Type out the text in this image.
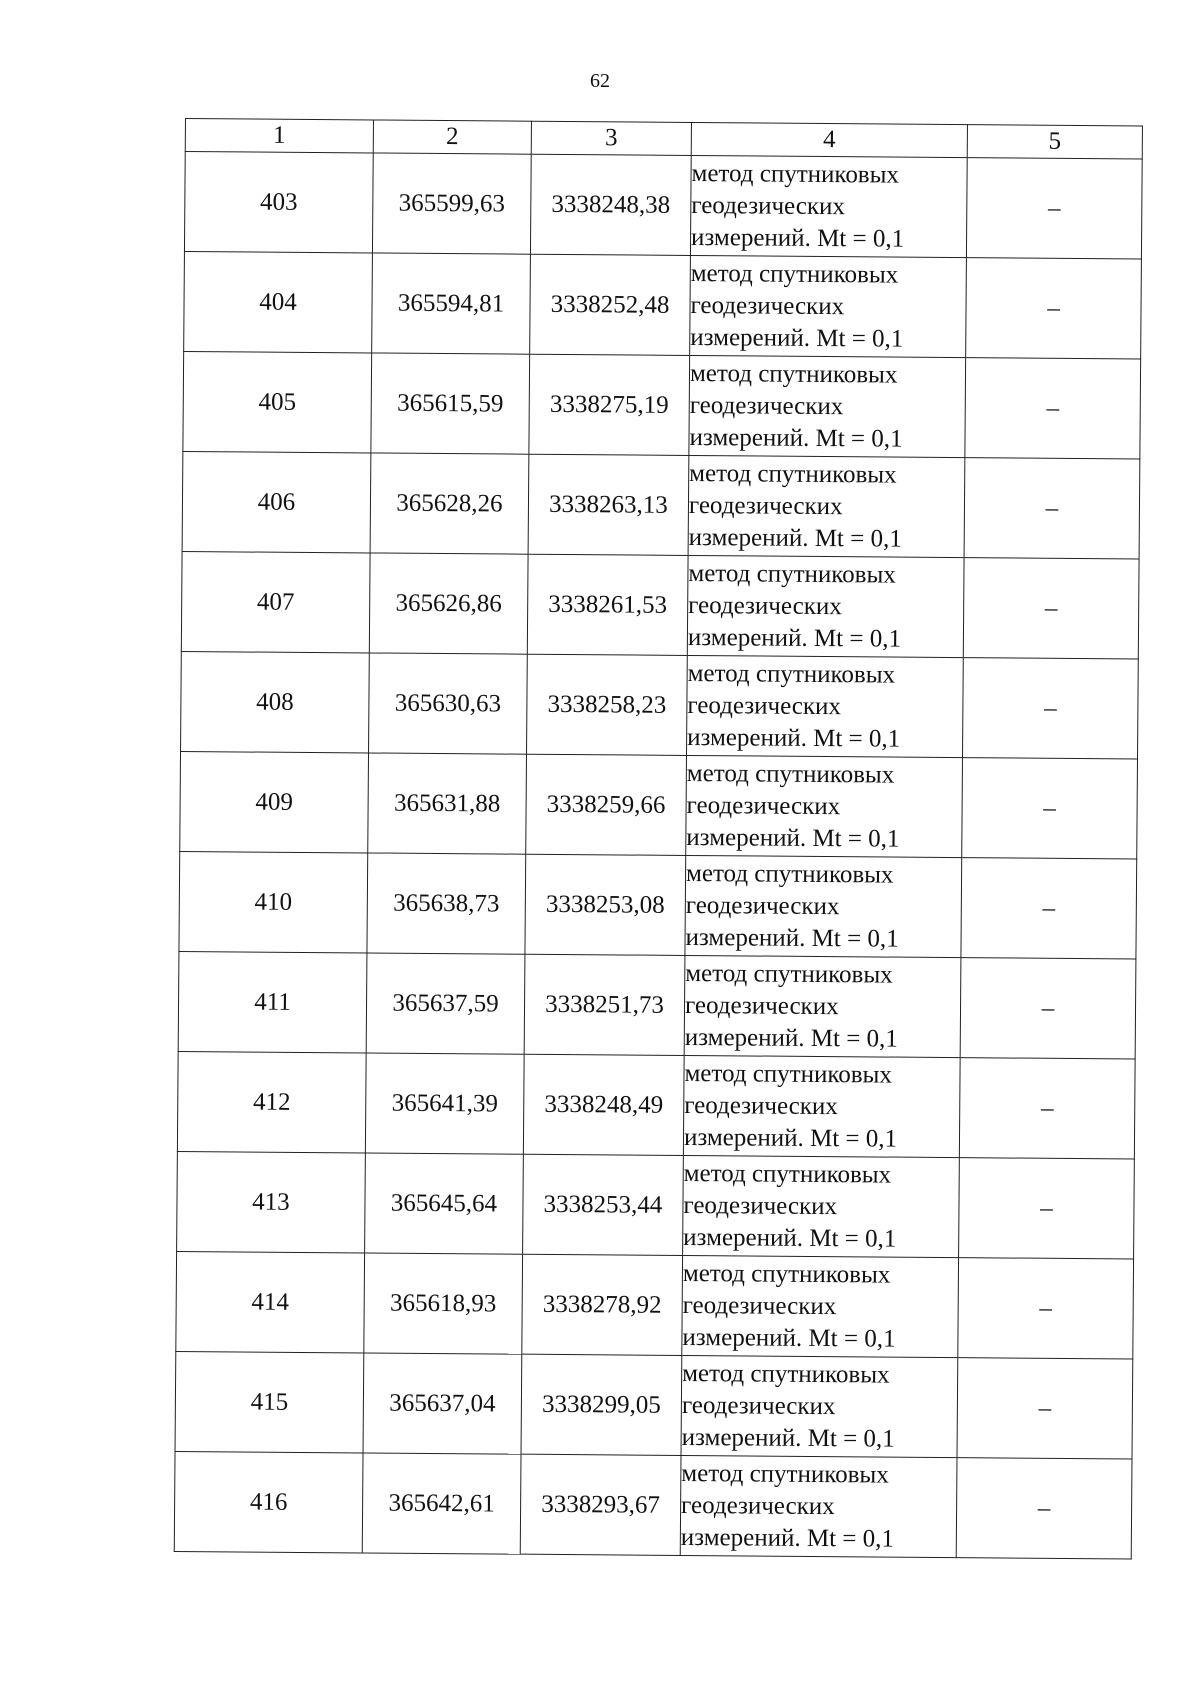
62
1	2	3	4	5
403	365599,63	3338248,38	метод спутниковых
геодезических
измерений. Mt = 0,1	–
404	365594,81	3338252,48	метод спутниковых
геодезических
измерений. Mt = 0,1	–
405	365615,59	3338275,19	метод спутниковых
геодезических
измерений. Mt = 0,1	–
406	365628,26	3338263,13	метод спутниковых
геодезических
измерений. Mt = 0,1	–
407	365626,86	3338261,53	метод спутниковых
геодезических
измерений. Mt = 0,1	–
408	365630,63	3338258,23	метод спутниковых
геодезических
измерений. Mt = 0,1	–
409	365631,88	3338259,66	метод спутниковых
геодезических
измерений. Mt = 0,1	–
410	365638,73	3338253,08	метод спутниковых
геодезических
измерений. Mt = 0,1	–
411	365637,59	3338251,73	метод спутниковых
геодезических
измерений. Mt = 0,1	–
412	365641,39	3338248,49	метод спутниковых
геодезических
измерений. Mt = 0,1	–
413	365645,64	3338253,44	метод спутниковых
геодезических
измерений. Mt = 0,1	–
414	365618,93	3338278,92	метод спутниковых
геодезических
измерений. Mt = 0,1	–
415	365637,04	3338299,05	метод спутниковых
геодезических
измерений. Mt = 0,1	–
416	365642,61	3338293,67	метод спутниковых
геодезических
измерений. Mt = 0,1	–
